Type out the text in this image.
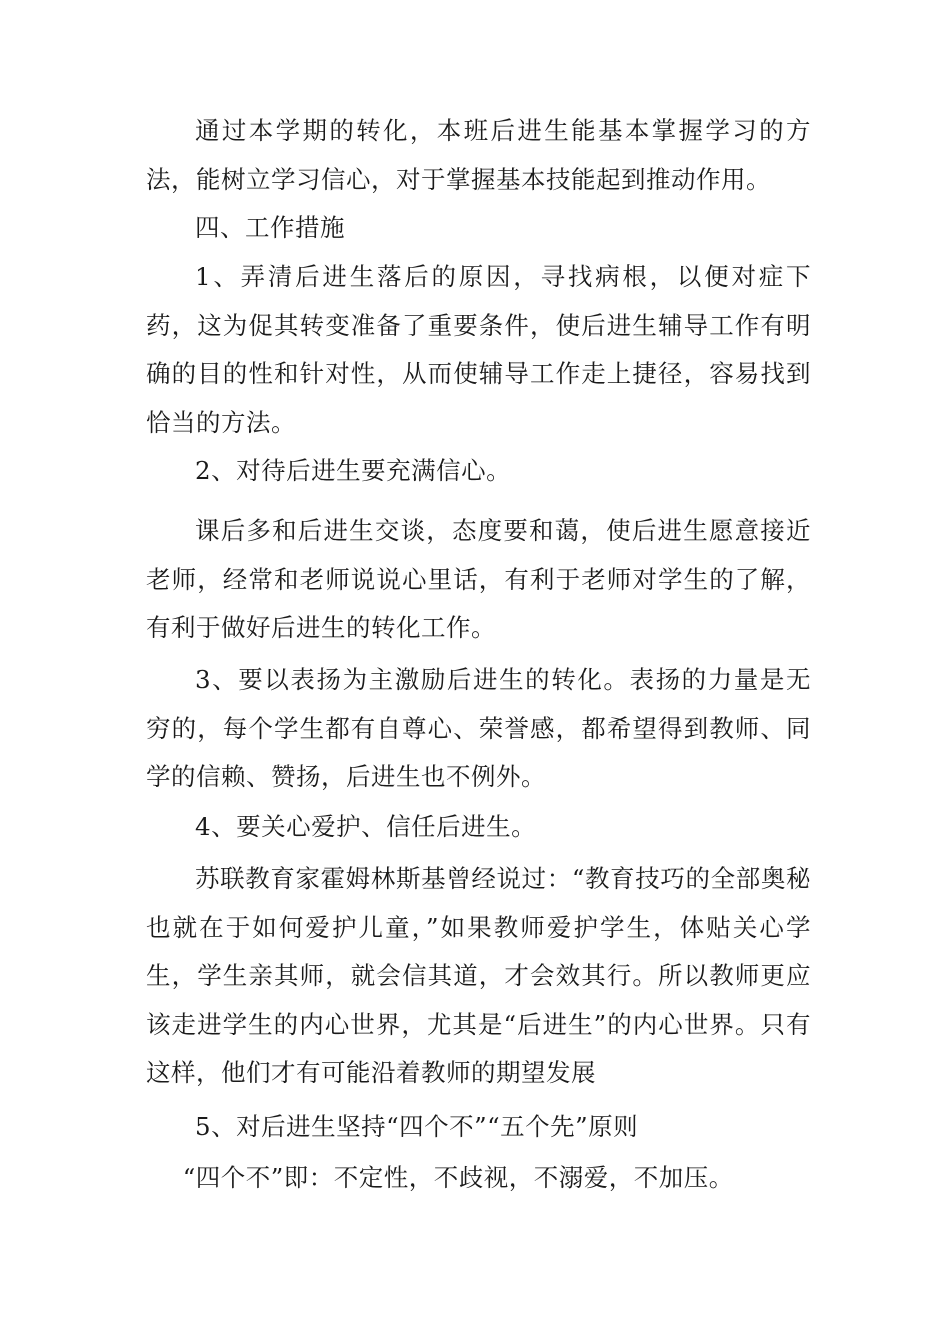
通过本学期的转化，本班后进生能基本掌握学习的方法，能树立学习信心，对于掌握基本技能起到推动作用。

四、工作措施

1、弄清后进生落后的原因，寻找病根，以便对症下药，这为促其转变准备了重要条件，使后进生辅导工作有明确的目的性和针对性，从而使辅导工作走上捷径，容易找到恰当的方法。

2、对待后进生要充满信心。

课后多和后进生交谈，态度要和蔼，使后进生愿意接近老师，经常和老师说说心里话，有利于老师对学生的了解，有利于做好后进生的转化工作。

3、要以表扬为主激励后进生的转化。表扬的力量是无穷的，每个学生都有自尊心、荣誉感，都希望得到教师、同学的信赖、赞扬，后进生也不例外。

4、要关心爱护、信任后进生。

苏联教育家霍姆林斯基曾经说过：“教育技巧的全部奥秘也就在于如何爱护儿童，”如果教师爱护学生，体贴关心学生，学生亲其师，就会信其道，才会效其行。所以教师更应该走进学生的内心世界，尤其是“后进生”的内心世界。只有这样，他们才有可能沿着教师的期望发展

5、对后进生坚持“四个不”“五个先”原则

“四个不”即：不定性，不歧视，不溺爱，不加压。
